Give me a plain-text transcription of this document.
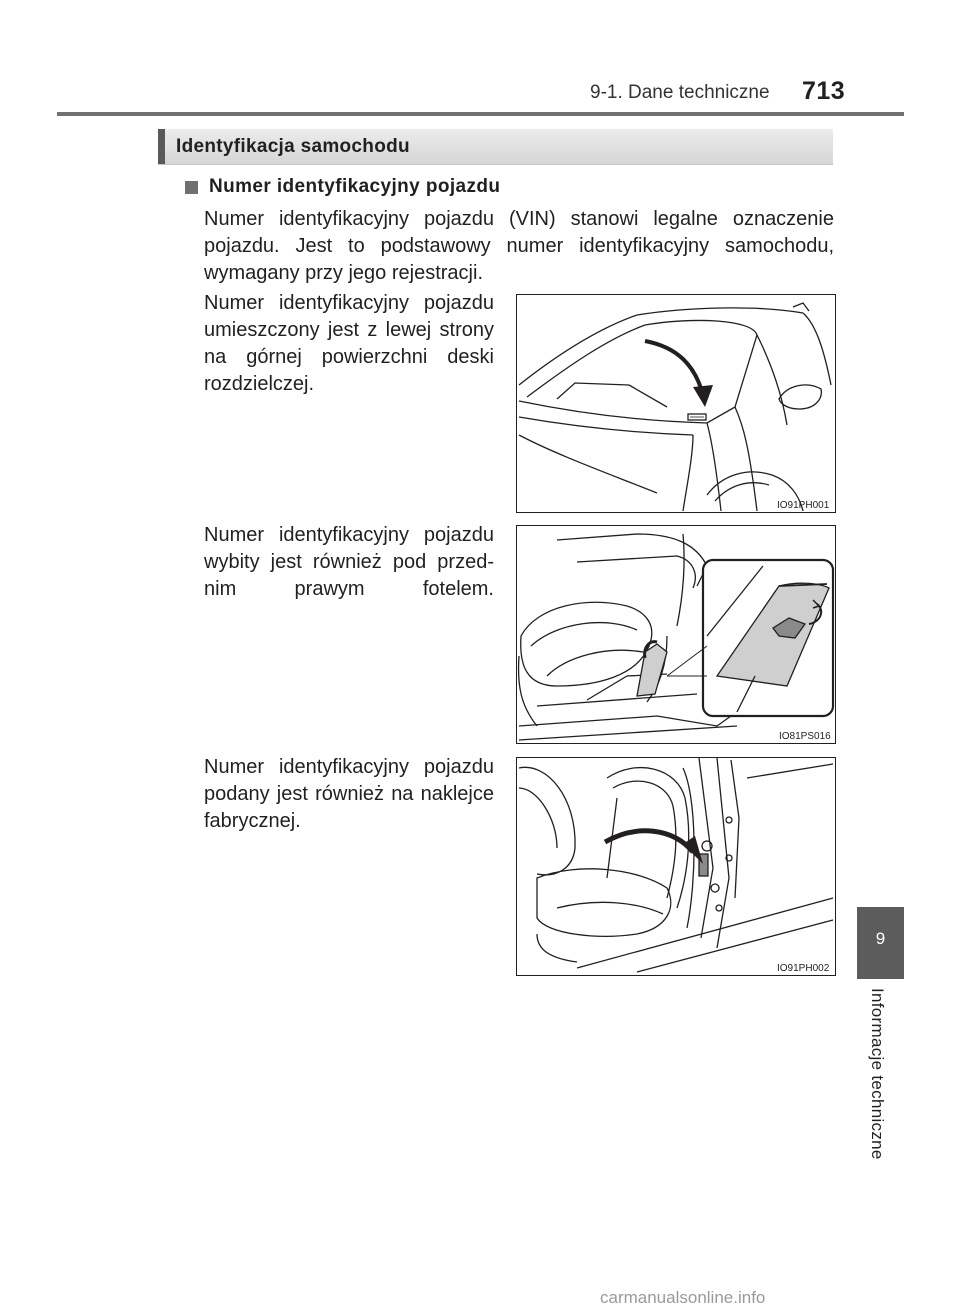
9-1. Dane techniczne 713
Identyfikacja samochodu
Numer identyfikacyjny pojazdu

Numer identyfikacyjny pojazdu (VIN) stanowi legalne oznaczenie pojazdu. Jest to podstawowy numer identyfikacyjny samochodu, wymagany przy jego rejestracji.

Numer identyfikacyjny pojazdu umieszczony jest z lewej strony na górnej powierzchni deski rozdzielczej.

IO91PH001

Numer identyfikacyjny pojazdu wybity jest również pod przed-nim prawym fotelem.

IO81PS016

Numer identyfikacyjny pojazdu podany jest również na naklejce fabrycznej.

IO91PH002
9
Informacje techniczne
carmanualsonline.info
